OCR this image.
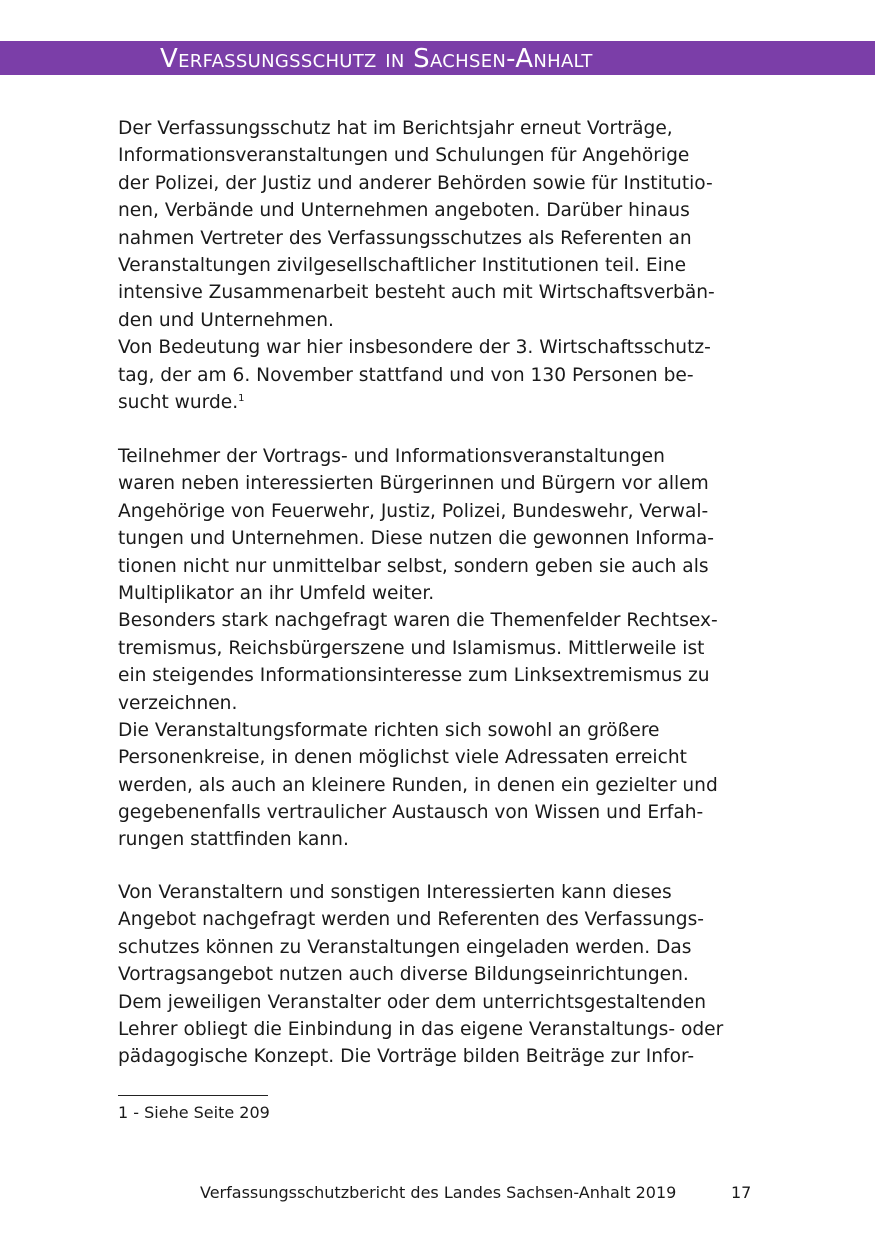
Verfassungsschutz in Sachsen-Anhalt
Der Verfassungsschutz hat im Berichtsjahr erneut Vorträge,
Informationsveranstaltungen und Schulungen für Angehörige
der Polizei, der Justiz und anderer Behörden sowie für Institutio-
nen, Verbände und Unternehmen angeboten. Darüber hinaus
nahmen Vertreter des Verfassungsschutzes als Referenten an
Veranstaltungen zivilgesellschaftlicher Institutionen teil. Eine
intensive Zusammenarbeit besteht auch mit Wirtschaftsverbän-
den und Unternehmen.
Von Bedeutung war hier insbesondere der 3. Wirtschaftsschutz-
tag, der am 6. November stattfand und von 130 Personen be-
sucht wurde.$^1$
Teilnehmer der Vortrags- und Informationsveranstaltungen
waren neben interessierten Bürgerinnen und Bürgern vor allem
Angehörige von Feuerwehr, Justiz, Polizei, Bundeswehr, Verwal-
tungen und Unternehmen. Diese nutzen die gewonnen Informa-
tionen nicht nur unmittelbar selbst, sondern geben sie auch als
Multiplikator an ihr Umfeld weiter.
Besonders stark nachgefragt waren die Themenfelder Rechtsex-
tremismus, Reichsbürgerszene und Islamismus. Mittlerweile ist
ein steigendes Informationsinteresse zum Linksextremismus zu
verzeichnen.
Die Veranstaltungsformate richten sich sowohl an größere
Personenkreise, in denen möglichst viele Adressaten erreicht
werden, als auch an kleinere Runden, in denen ein gezielter und
gegebenenfalls vertraulicher Austausch von Wissen und Erfah-
rungen stattfinden kann.
Von Veranstaltern und sonstigen Interessierten kann dieses
Angebot nachgefragt werden und Referenten des Verfassungs-
schutzes können zu Veranstaltungen eingeladen werden. Das
Vortragsangebot nutzen auch diverse Bildungseinrichtungen.
Dem jeweiligen Veranstalter oder dem unterrichtsgestaltenden
Lehrer obliegt die Einbindung in das eigene Veranstaltungs- oder
pädagogische Konzept. Die Vorträge bilden Beiträge zur Infor-
1 - Siehe Seite 209
Verfassungsschutzbericht des Landes Sachsen-Anhalt 2019	17
